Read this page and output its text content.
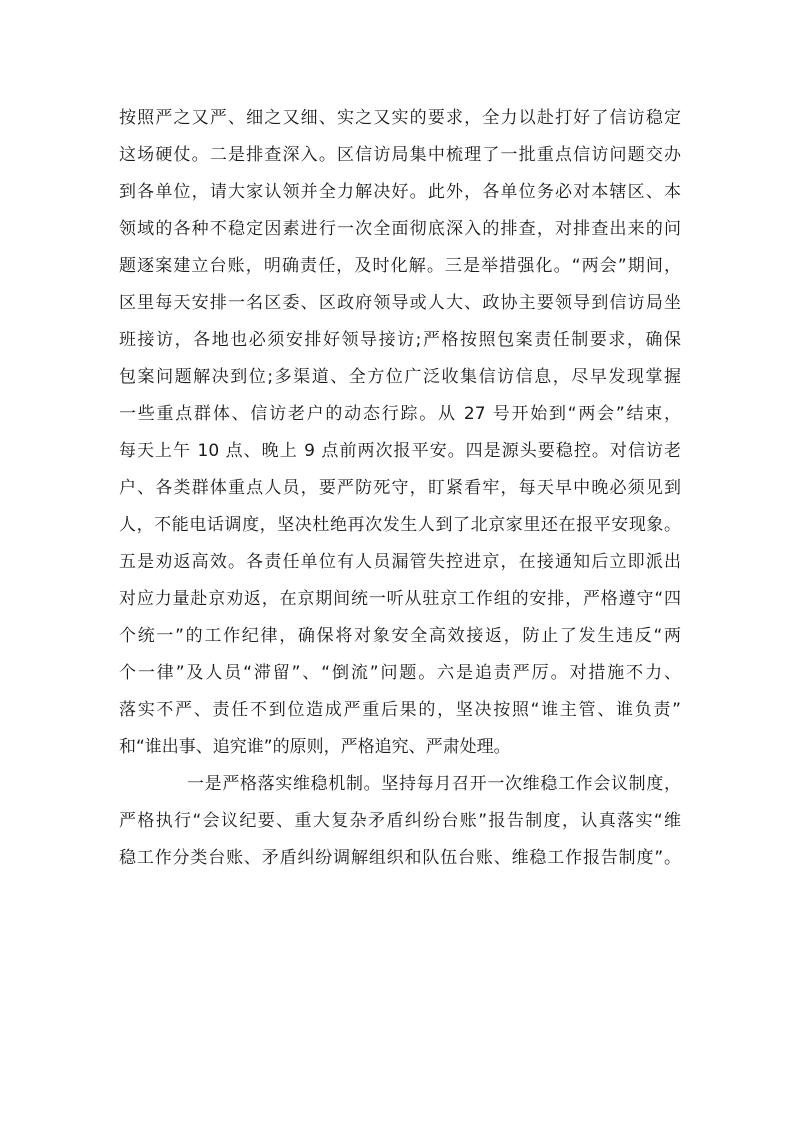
按照严之又严、细之又细、实之又实的要求，全力以赴打好了信访稳定
这场硬仗。二是排查深入。区信访局集中梳理了一批重点信访问题交办
到各单位，请大家认领并全力解决好。此外，各单位务必对本辖区、本
领域的各种不稳定因素进行一次全面彻底深入的排查，对排查出来的问
题逐案建立台账，明确责任，及时化解。三是举措强化。“两会”期间，
区里每天安排一名区委、区政府领导或人大、政协主要领导到信访局坐
班接访，各地也必须安排好领导接访;严格按照包案责任制要求，确保
包案问题解决到位;多渠道、全方位广泛收集信访信息，尽早发现掌握
一些重点群体、信访老户的动态行踪。从 27 号开始到“两会”结束，
每天上午 10 点、晚上 9 点前两次报平安。四是源头要稳控。对信访老
户、各类群体重点人员，要严防死守，盯紧看牢，每天早中晚必须见到
人，不能电话调度，坚决杜绝再次发生人到了北京家里还在报平安现象。
五是劝返高效。各责任单位有人员漏管失控进京，在接通知后立即派出
对应力量赴京劝返，在京期间统一听从驻京工作组的安排，严格遵守“四
个统一”的工作纪律，确保将对象安全高效接返，防止了发生违反“两
个一律”及人员“滞留”、“倒流”问题。六是追责严厉。对措施不力、
落实不严、责任不到位造成严重后果的，坚决按照“谁主管、谁负责”
和“谁出事、追究谁”的原则，严格追究、严肃处理。
一是严格落实维稳机制。坚持每月召开一次维稳工作会议制度，
严格执行“会议纪要、重大复杂矛盾纠纷台账”报告制度，认真落实“维
稳工作分类台账、矛盾纠纷调解组织和队伍台账、维稳工作报告制度”。
